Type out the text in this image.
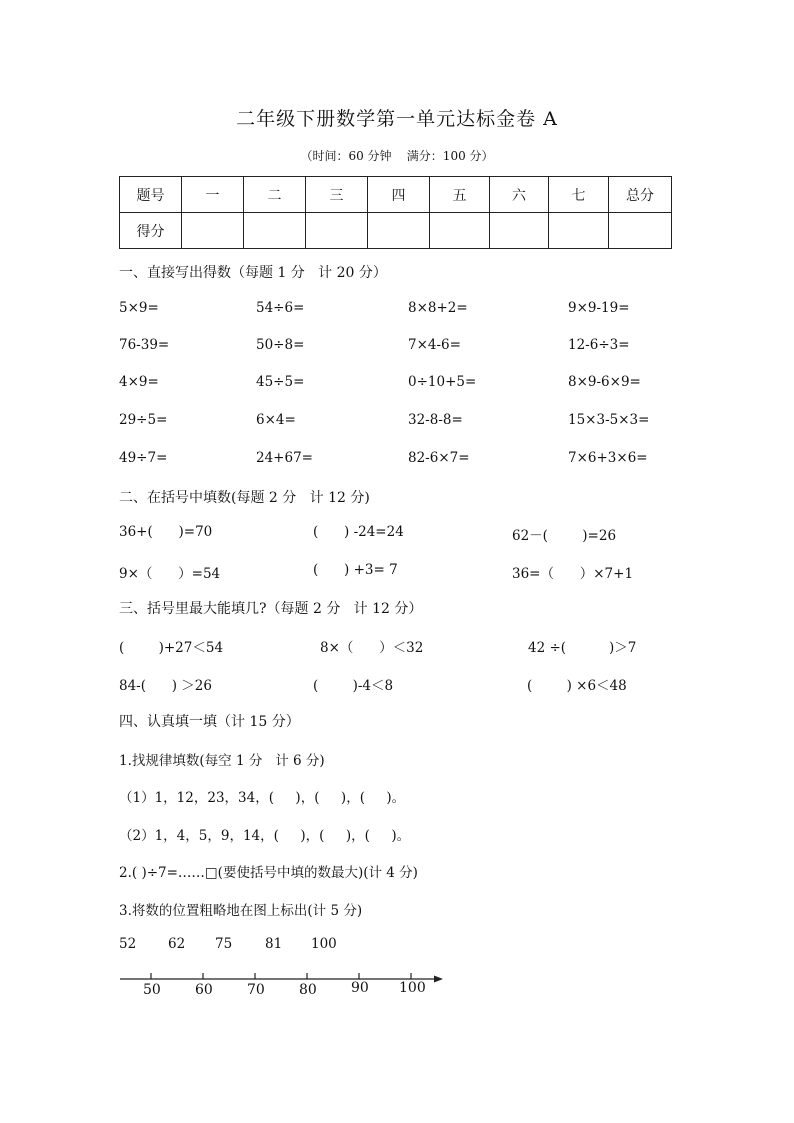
二年级下册数学第一单元达标金卷 A
（时间：60 分钟    满分：100 分）
题号	一	二	三	四	五	六	七	总分
得分								
一、直接写出得数（每题 1 分   计 20 分）
5×9=	54÷6=	8×8+2=	9×9-19=
76-39=	50÷8=	7×4-6=	12-6÷3=
4×9=	45÷5=	0÷10+5=	8×9-6×9=
29÷5=	6×4=	32-8-8=	15×3-5×3=
49÷7=	24+67=	82-6×7=	7×6+3×6=
二、在括号中填数(每题 2 分   计 12 分)
36+(      )=70	(      ) -24=24	62－(        )=26
9×（      ）=54	(      ) +3= 7	36=（      ）×7+1
三、括号里最大能填几?（每题 2 分   计 12 分）
(        )+27＜54	8×（      ）＜32	42 ÷(          )＞7
84-(      ) ＞26	(        )-4＜8	(        ) ×6＜48
四、认真填一填（计 15 分）
1.找规律填数(每空 1 分   计 6 分)
（1）1，12，23，34，(     )，(     )，(     )。
（2）1，4，5，9，14，(     )，(     )，(     )。
2.( )÷7=……□(要使括号中填的数最大)(计 4 分)
3.将数的位置粗略地在图上标出(计 5 分)
52 62 75 81 100
50 60 70 80 90 100
